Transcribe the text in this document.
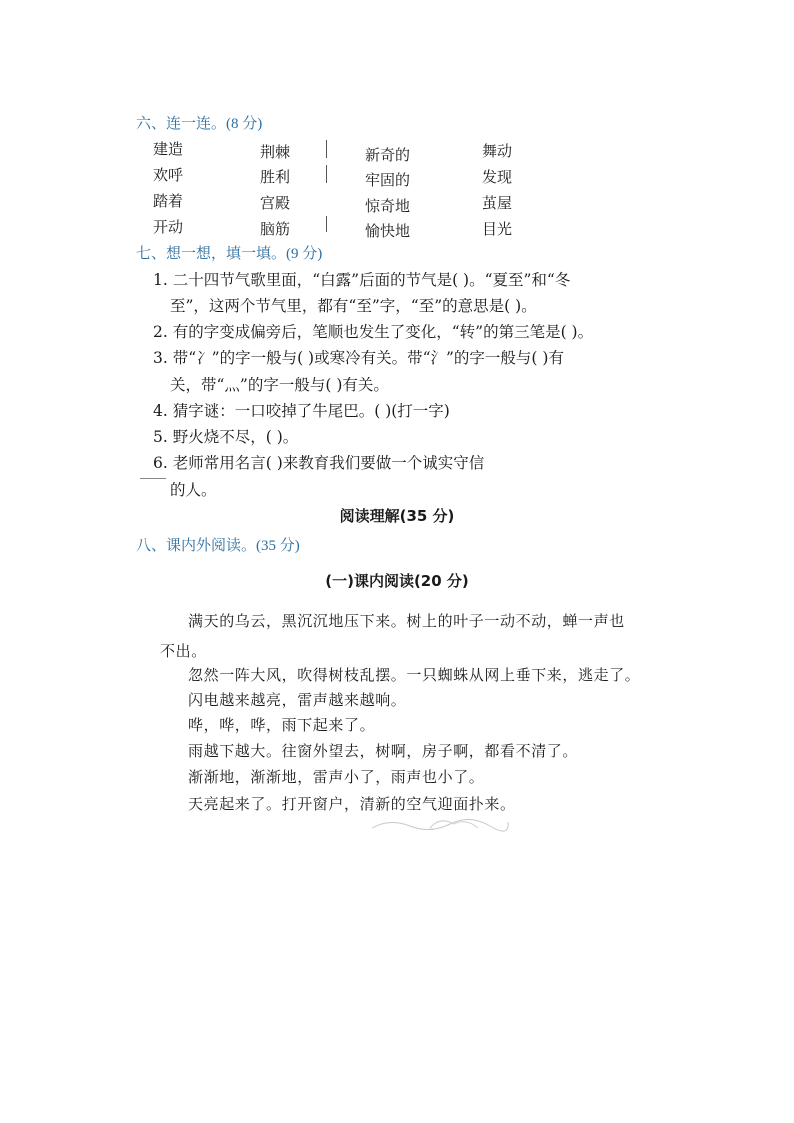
六、连一连。(8 分)
建造
欢呼
踏着
开动
荆棘
胜利
宫殿
脑筋
新奇的
牢固的
惊奇地
愉快地
舞动
发现
茧屋
目光
七、想一想，填一填。(9 分)
1. 二十四节气歌里面，“白露”后面的节气是( )。“夏至”和“冬
至”，这两个节气里，都有“至”字，“至”的意思是( )。
2. 有的字变成偏旁后，笔顺也发生了变化，“转”的第三笔是( )。
3. 带“冫”的字一般与( )或寒冷有关。带“氵”的字一般与( )有
关，带“灬”的字一般与( )有关。
4. 猜字谜：一口咬掉了牛尾巴。( )(打一字)
5. 野火烧不尽，( )。
6. 老师常用名言( )来教育我们要做一个诚实守信
的人。
阅读理解(35 分)
八、课内外阅读。(35 分)
(一)课内阅读(20 分)
满天的乌云，黑沉沉地压下来。树上的叶子一动不动，蝉一声也
不出。
忽然一阵大风，吹得树枝乱摆。一只蜘蛛从网上垂下来，逃走了。
闪电越来越亮，雷声越来越响。
哗，哗，哗，雨下起来了。
雨越下越大。往窗外望去，树啊，房子啊，都看不清了。
渐渐地，渐渐地，雷声小了，雨声也小了。
天亮起来了。打开窗户，清新的空气迎面扑来。
